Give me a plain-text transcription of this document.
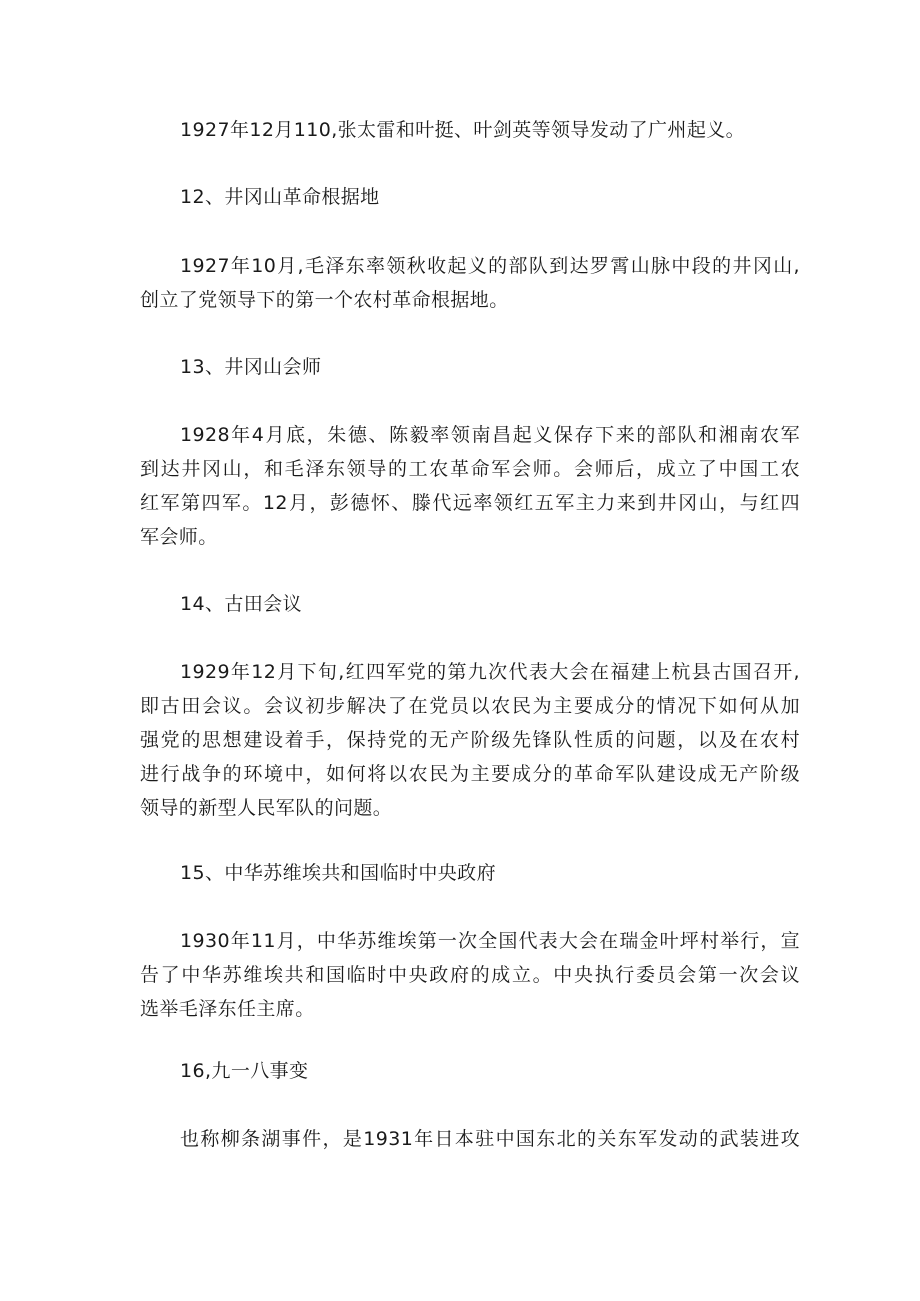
1927年12月110,张太雷和叶挺、叶剑英等领导发动了广州起义。

12、井冈山革命根据地

1927年10月,毛泽东率领秋收起义的部队到达罗霄山脉中段的井冈山,

创立了党领导下的第一个农村革命根据地。

13、井冈山会师

1928年4月底，朱德、陈毅率领南昌起义保存下来的部队和湘南农军

到达井冈山，和毛泽东领导的工农革命军会师。会师后，成立了中国工农

红军第四军。12月，彭德怀、滕代远率领红五军主力来到井冈山，与红四

军会师。

14、古田会议

1929年12月下旬,红四军党的第九次代表大会在福建上杭县古国召开,

即古田会议。会议初步解决了在党员以农民为主要成分的情况下如何从加

强党的思想建设着手，保持党的无产阶级先锋队性质的问题，以及在农村

进行战争的环境中，如何将以农民为主要成分的革命军队建设成无产阶级

领导的新型人民军队的问题。

15、中华苏维埃共和国临时中央政府

1930年11月，中华苏维埃第一次全国代表大会在瑞金叶坪村举行，宣

告了中华苏维埃共和国临时中央政府的成立。中央执行委员会第一次会议

选举毛泽东任主席。

16,九一八事变

也称柳条湖事件，是1931年日本驻中国东北的关东军发动的武装进攻
